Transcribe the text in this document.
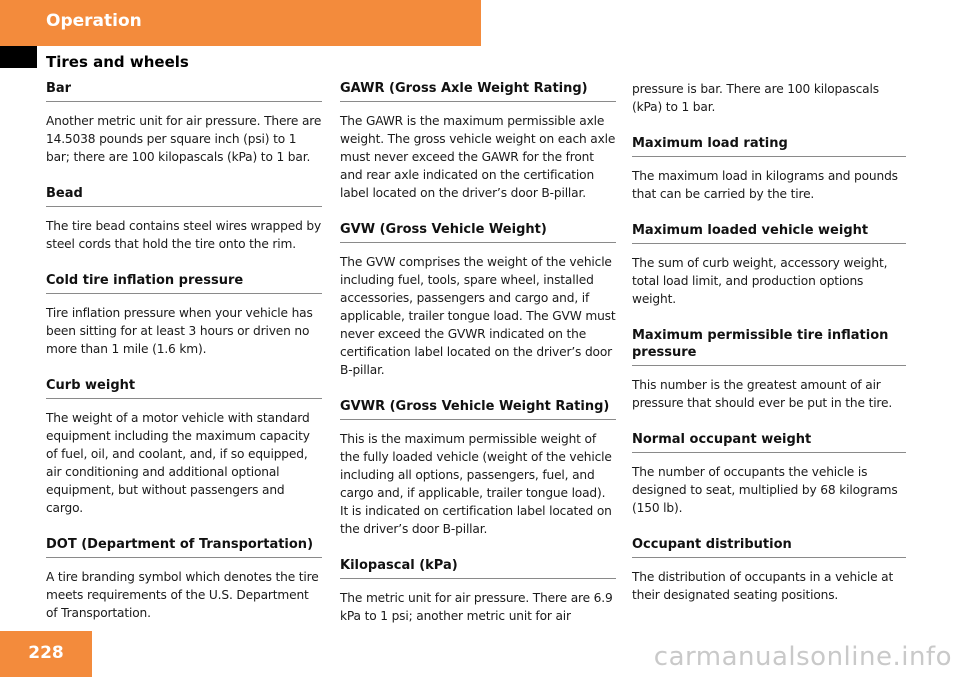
Operation
Tires and wheels
Bar
Another metric unit for air pressure. There are 14.5038 pounds per square inch (psi) to 1 bar; there are 100 kilopascals (kPa) to 1 bar.
Bead
The tire bead contains steel wires wrapped by steel cords that hold the tire onto the rim.
Cold tire inflation pressure
Tire inflation pressure when your vehicle has been sitting for at least 3 hours or driven no more than 1 mile (1.6 km).
Curb weight
The weight of a motor vehicle with standard equipment including the maximum capacity of fuel, oil, and coolant, and, if so equipped, air conditioning and additional optional equipment, but without passengers and cargo.
DOT (Department of Transportation)
A tire branding symbol which denotes the tire meets requirements of the U.S. Department of Transportation.
GAWR (Gross Axle Weight Rating)
The GAWR is the maximum permissible axle weight. The gross vehicle weight on each axle must never exceed the GAWR for the front and rear axle indicated on the certification label located on the driver’s door B-pillar.
GVW (Gross Vehicle Weight)
The GVW comprises the weight of the vehicle including fuel, tools, spare wheel, installed accessories, passengers and cargo and, if applicable, trailer tongue load. The GVW must never exceed the GVWR indicated on the certification label located on the driver’s door B-pillar.
GVWR (Gross Vehicle Weight Rating)
This is the maximum permissible weight of the fully loaded vehicle (weight of the vehicle including all options, passengers, fuel, and cargo and, if applicable, trailer tongue load). It is indicated on certification label located on the driver’s door B-pillar.
Kilopascal (kPa)
The metric unit for air pressure. There are 6.9 kPa to 1 psi; another metric unit for air
pressure is bar. There are 100 kilopascals (kPa) to 1 bar.
Maximum load rating
The maximum load in kilograms and pounds that can be carried by the tire.
Maximum loaded vehicle weight
The sum of curb weight, accessory weight, total load limit, and production options weight.
Maximum permissible tire inflation pressure
This number is the greatest amount of air pressure that should ever be put in the tire.
Normal occupant weight
The number of occupants the vehicle is designed to seat, multiplied by 68 kilograms (150 lb).
Occupant distribution
The distribution of occupants in a vehicle at their designated seating positions.
228	carmanualsonline.info
